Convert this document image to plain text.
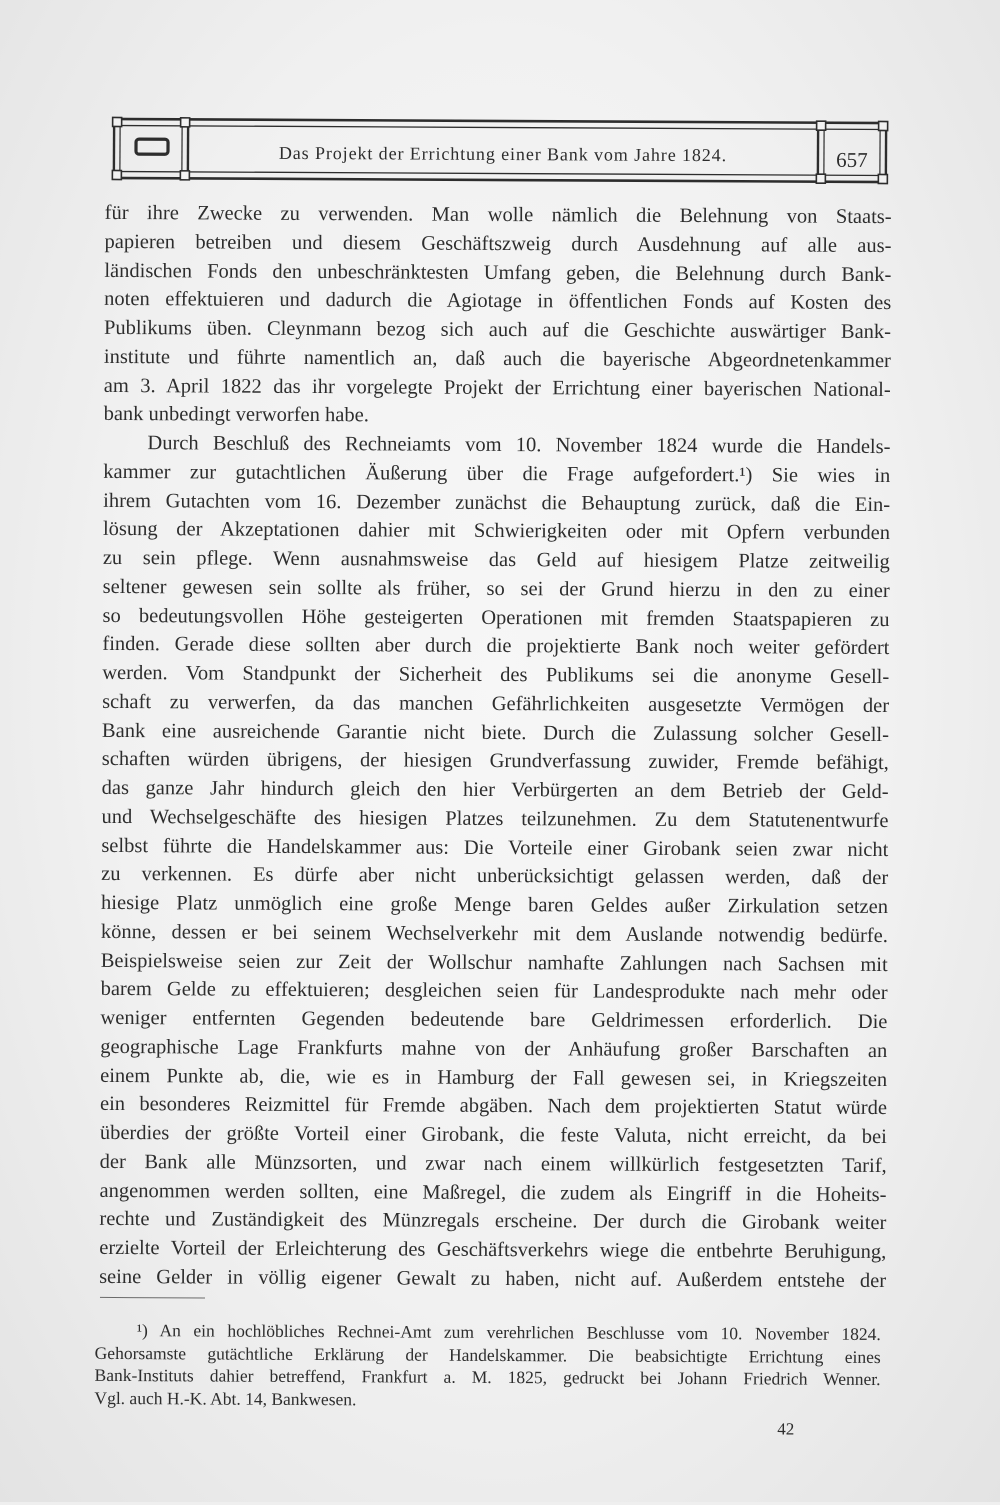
Das Projekt der Errichtung einer Bank vom Jahre 1824.	657
für ihre Zwecke zu verwenden. Man wolle nämlich die Belehnung von Staats-
papieren betreiben und diesem Geschäftszweig durch Ausdehnung auf alle aus-
ländischen Fonds den unbeschränktesten Umfang geben, die Belehnung durch Bank-
noten effektuieren und dadurch die Agiotage in öffentlichen Fonds auf Kosten des
Publikums üben. Cleynmann bezog sich auch auf die Geschichte auswärtiger Bank-
institute und führte namentlich an, daß auch die bayerische Abgeordnetenkammer
am 3. April 1822 das ihr vorgelegte Projekt der Errichtung einer bayerischen National-
bank unbedingt verworfen habe.
Durch Beschluß des Rechneiamts vom 10. November 1824 wurde die Handels-
kammer zur gutachtlichen Äußerung über die Frage aufgefordert.¹) Sie wies in
ihrem Gutachten vom 16. Dezember zunächst die Behauptung zurück, daß die Ein-
lösung der Akzeptationen dahier mit Schwierigkeiten oder mit Opfern verbunden
zu sein pflege. Wenn ausnahmsweise das Geld auf hiesigem Platze zeitweilig
seltener gewesen sein sollte als früher, so sei der Grund hierzu in den zu einer
so bedeutungsvollen Höhe gesteigerten Operationen mit fremden Staatspapieren zu
finden. Gerade diese sollten aber durch die projektierte Bank noch weiter gefördert
werden. Vom Standpunkt der Sicherheit des Publikums sei die anonyme Gesell-
schaft zu verwerfen, da das manchen Gefährlichkeiten ausgesetzte Vermögen der
Bank eine ausreichende Garantie nicht biete. Durch die Zulassung solcher Gesell-
schaften würden übrigens, der hiesigen Grundverfassung zuwider, Fremde befähigt,
das ganze Jahr hindurch gleich den hier Verbürgerten an dem Betrieb der Geld-
und Wechselgeschäfte des hiesigen Platzes teilzunehmen. Zu dem Statutenentwurfe
selbst führte die Handelskammer aus: Die Vorteile einer Girobank seien zwar nicht
zu verkennen. Es dürfe aber nicht unberücksichtigt gelassen werden, daß der
hiesige Platz unmöglich eine große Menge baren Geldes außer Zirkulation setzen
könne, dessen er bei seinem Wechselverkehr mit dem Auslande notwendig bedürfe.
Beispielsweise seien zur Zeit der Wollschur namhafte Zahlungen nach Sachsen mit
barem Gelde zu effektuieren; desgleichen seien für Landesprodukte nach mehr oder
weniger entfernten Gegenden bedeutende bare Geldrimessen erforderlich. Die
geographische Lage Frankfurts mahne von der Anhäufung großer Barschaften an
einem Punkte ab, die, wie es in Hamburg der Fall gewesen sei, in Kriegszeiten
ein besonderes Reizmittel für Fremde abgäben. Nach dem projektierten Statut würde
überdies der größte Vorteil einer Girobank, die feste Valuta, nicht erreicht, da bei
der Bank alle Münzsorten, und zwar nach einem willkürlich festgesetzten Tarif,
angenommen werden sollten, eine Maßregel, die zudem als Eingriff in die Hoheits-
rechte und Zuständigkeit des Münzregals erscheine. Der durch die Girobank weiter
erzielte Vorteil der Erleichterung des Geschäftsverkehrs wiege die entbehrte Beruhigung,
seine Gelder in völlig eigener Gewalt zu haben, nicht auf. Außerdem entstehe der
¹) An ein hochlöbliches Rechnei-Amt zum verehrlichen Beschlusse vom 10. November 1824.
Gehorsamste gutächtliche Erklärung der Handelskammer. Die beabsichtigte Errichtung eines
Bank-Instituts dahier betreffend, Frankfurt a. M. 1825, gedruckt bei Johann Friedrich Wenner.
Vgl. auch H.-K. Abt. 14, Bankwesen.
42
